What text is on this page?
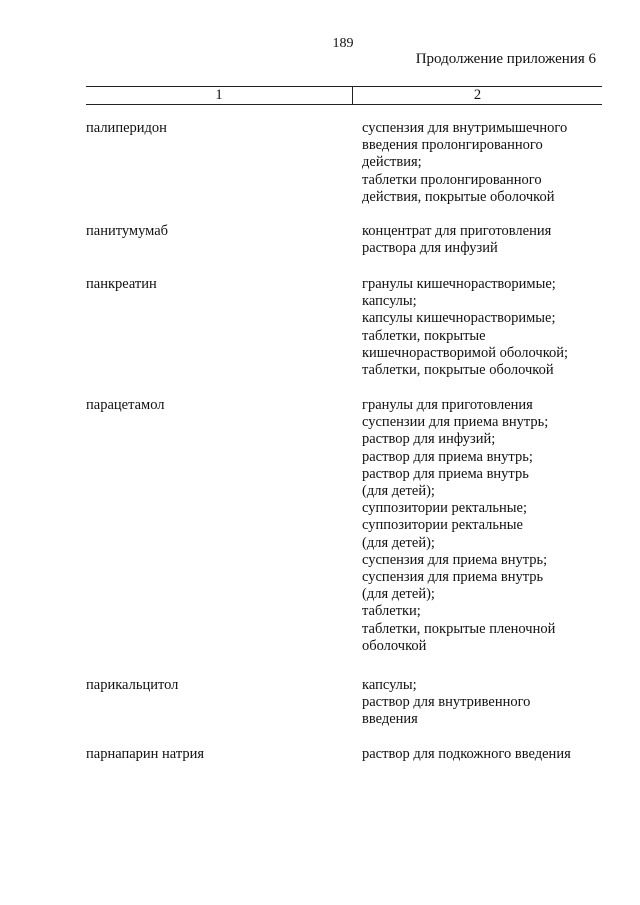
189
Продолжение приложения 6
1	2
палиперидон	суспензия для внутримышечного
введения пролонгированного
действия;
таблетки пролонгированного
действия, покрытые оболочкой
панитумумаб	концентрат для приготовления
раствора для инфузий
панкреатин	гранулы кишечнорастворимые;
капсулы;
капсулы кишечнорастворимые;
таблетки, покрытые
кишечнорастворимой оболочкой;
таблетки, покрытые оболочкой
парацетамол	гранулы для приготовления
суспензии для приема внутрь;
раствор для инфузий;
раствор для приема внутрь;
раствор для приема внутрь
(для детей);
суппозитории ректальные;
суппозитории ректальные
(для детей);
суспензия для приема внутрь;
суспензия для приема внутрь
(для детей);
таблетки;
таблетки, покрытые пленочной
оболочкой
парикальцитол	капсулы;
раствор для внутривенного
введения
парнапарин натрия	раствор для подкожного введения
